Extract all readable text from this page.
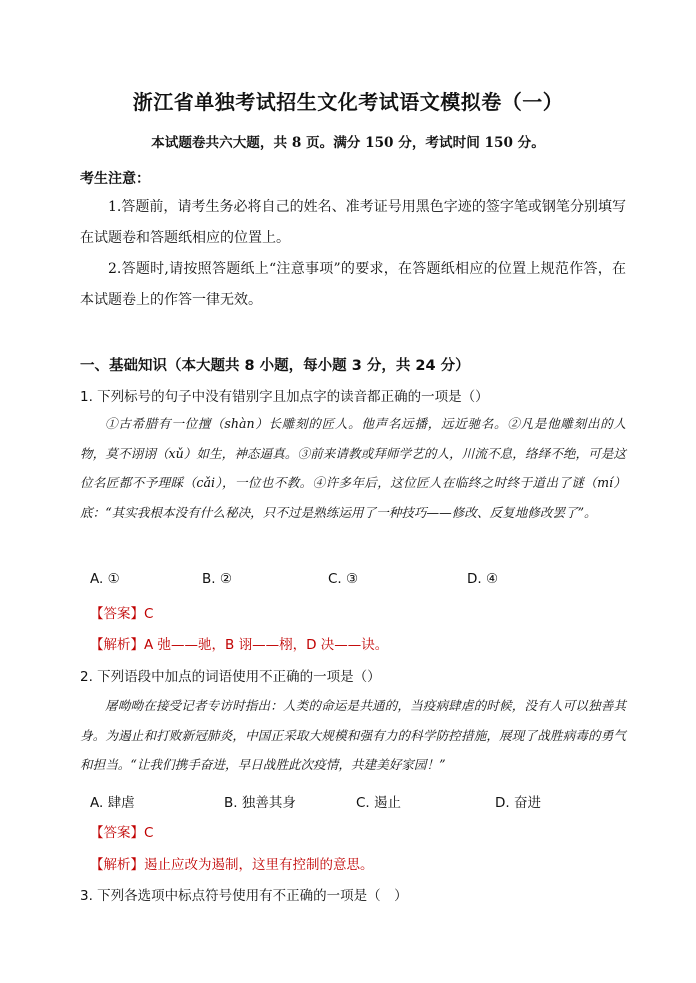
浙江省单独考试招生文化考试语文模拟卷（一）
本试题卷共六大题，共 8 页。满分 150 分，考试时间 150 分。
考生注意：
1.答题前，请考生务必将自己的姓名、准考证号用黑色字迹的签字笔或钢笔分别填写在试题卷和答题纸相应的位置上。
2.答题时,请按照答题纸上“注意事项”的要求，在答题纸相应的位置上规范作答，在本试题卷上的作答一律无效。
一、基础知识（本大题共 8 小题，每小题 3 分，共 24 分）
1. 下列标号的句子中没有错别字且加点字的读音都正确的一项是（）
①古希腊有一位擅（shàn）长雕刻的匠人。他声名远播，远近驰名。②凡是他雕刻出的人物，莫不诩诩（xǔ）如生，神态逼真。③前来请教或拜师学艺的人，川流不息，络绎不绝，可是这位名匠都不予理睬（cǎi），一位也不教。④许多年后，这位匠人在临终之时终于道出了谜（mí）底：“其实我根本没有什么秘决，只不过是熟练运用了一种技巧——修改、反复地修改罢了”。
A. ①	B. ②	C. ③	D. ④
【答案】C
【解析】A 弛——驰，B 诩——栩，D 决——诀。
2. 下列语段中加点的词语使用不正确的一项是（）
屠呦呦在接受记者专访时指出：人类的命运是共通的，当疫病肆虐的时候，没有人可以独善其身。为遏止和打败新冠肺炎，中国正采取大规模和强有力的科学防控措施，展现了战胜病毒的勇气和担当。“让我们携手奋进，早日战胜此次疫情，共建美好家园！”
A. 肆虐	B. 独善其身	C. 遏止	D. 奋进
【答案】C
【解析】遏止应改为遏制，这里有控制的意思。
3. 下列各选项中标点符号使用有不正确的一项是（　）
